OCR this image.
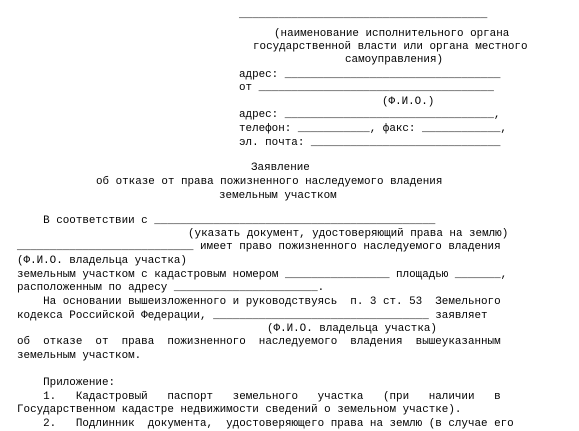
______________________________________
(наименование исполнительного органа
государственной власти или органа местного
самоуправления)
адрес: _________________________________
от ____________________________________
(Ф.И.О.)
адрес: ________________________________,
телефон: ___________, факс: ____________,
эл. почта: _____________________________
Заявление
об отказе от права пожизненного наследуемого владения
земельным участком
В соответствии с ___________________________________________
(указать документ, удостоверяющий права на землю)
___________________________ имеет право пожизненного наследуемого владения
(Ф.И.О. владельца участка)
земельным участком с кадастровым номером ________________ площадью _______,
расположенным по адресу ______________________.
На основании вышеизложенного и руководствуясь  п. 3 ст. 53  Земельного
кодекса Российской Федерации, _________________________________ заявляет
(Ф.И.О. владельца участка)
об  отказе  от  права  пожизненного  наследуемого  владения  вышеуказанным
земельным участком.
Приложение:
1.   Кадастровый   паспорт   земельного   участка   (при   наличии   в
Государственном кадастре недвижимости сведений о земельном участке).
2.   Подлинник  документа,  удостоверяющего права на землю (в случае его
